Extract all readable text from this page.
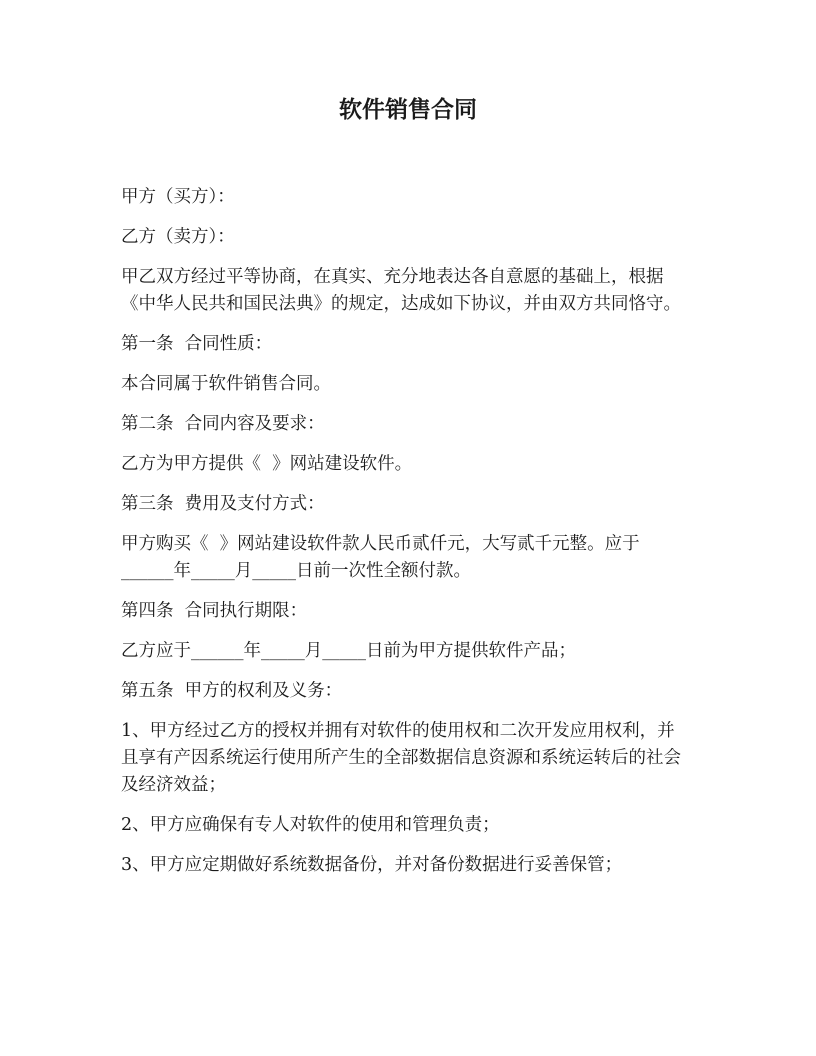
软件销售合同

甲方（买方）：

乙方（卖方）：

甲乙双方经过平等协商，在真实、充分地表达各自意愿的基础上，根据《中华人民共和国民法典》的规定，达成如下协议，并由双方共同恪守。

第一条  合同性质：

本合同属于软件销售合同。

第二条  合同内容及要求：

乙方为甲方提供《  》网站建设软件。

第三条  费用及支付方式：

甲方购买《  》网站建设软件款人民币贰仟元，大写贰千元整。应于______年_____月_____日前一次性全额付款。

第四条  合同执行期限：

乙方应于______年_____月_____日前为甲方提供软件产品；

第五条  甲方的权利及义务：

1、甲方经过乙方的授权并拥有对软件的使用权和二次开发应用权利，并且享有产因系统运行使用所产生的全部数据信息资源和系统运转后的社会及经济效益；

2、甲方应确保有专人对软件的使用和管理负责；

3、甲方应定期做好系统数据备份，并对备份数据进行妥善保管；
